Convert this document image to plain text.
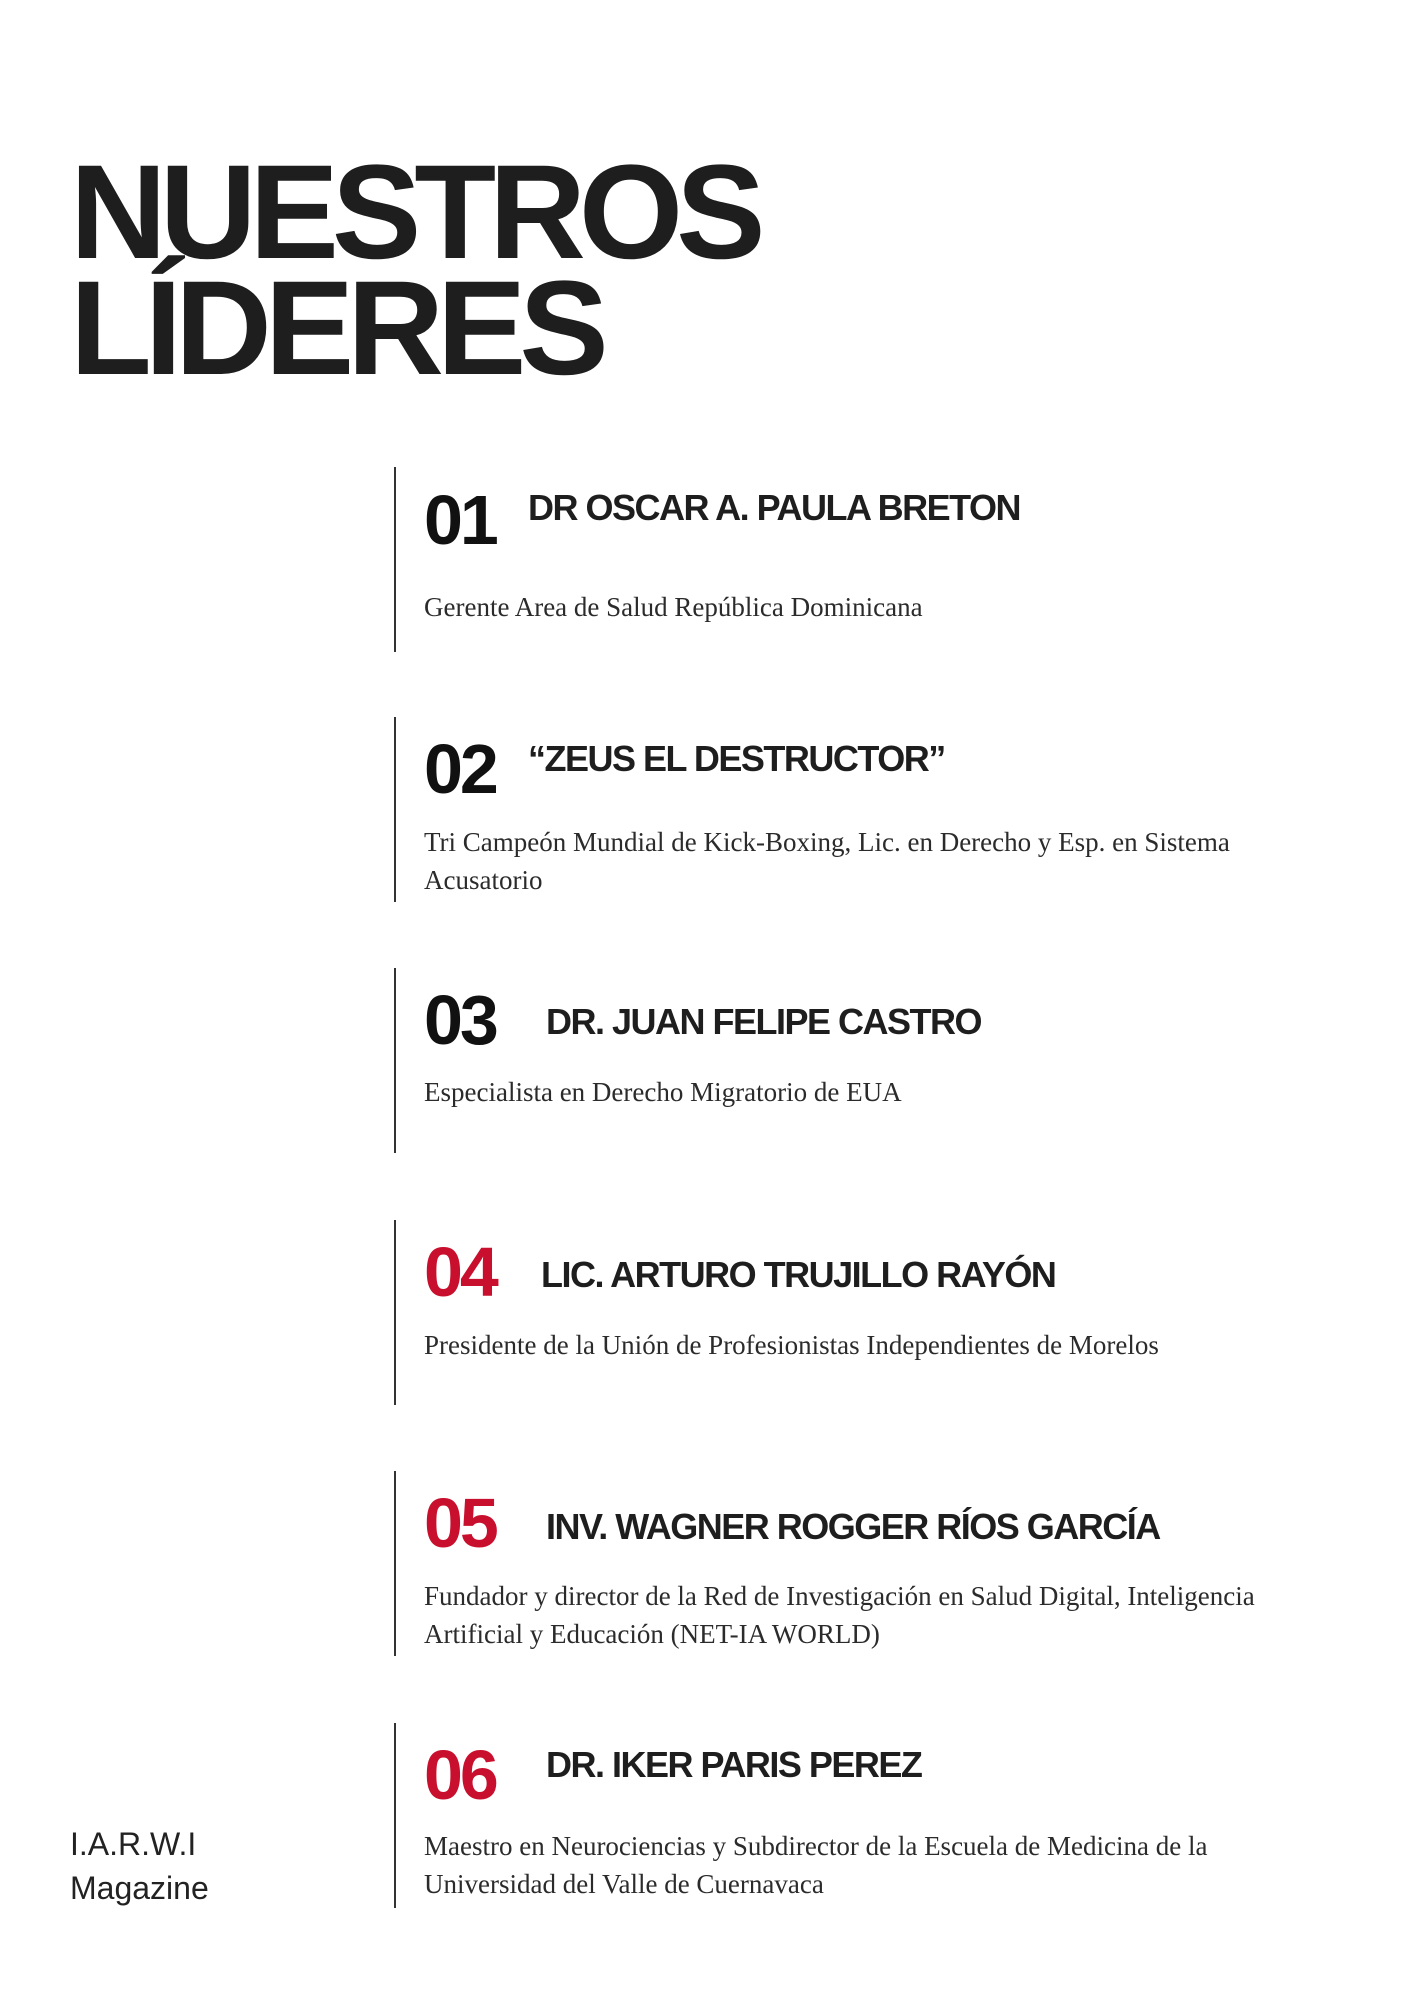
NUESTROS
LÍDERES
01 DR OSCAR A. PAULA BRETON
Gerente Area de Salud República Dominicana
02 “ZEUS EL DESTRUCTOR”
Tri Campeón Mundial de Kick-Boxing, Lic. en Derecho y Esp. en Sistema Acusatorio
03 DR. JUAN FELIPE CASTRO
Especialista en Derecho Migratorio de EUA
04 LIC. ARTURO TRUJILLO RAYÓN
Presidente de la Unión de Profesionistas Independientes de Morelos
05 INV. WAGNER ROGGER RÍOS GARCÍA
Fundador y director de la Red de Investigación en Salud Digital, Inteligencia Artificial y Educación (NET-IA WORLD)
06 DR. IKER PARIS PEREZ
Maestro en Neurociencias y Subdirector de la Escuela de Medicina de la Universidad del Valle de Cuernavaca
I.A.R.W.I
Magazine
